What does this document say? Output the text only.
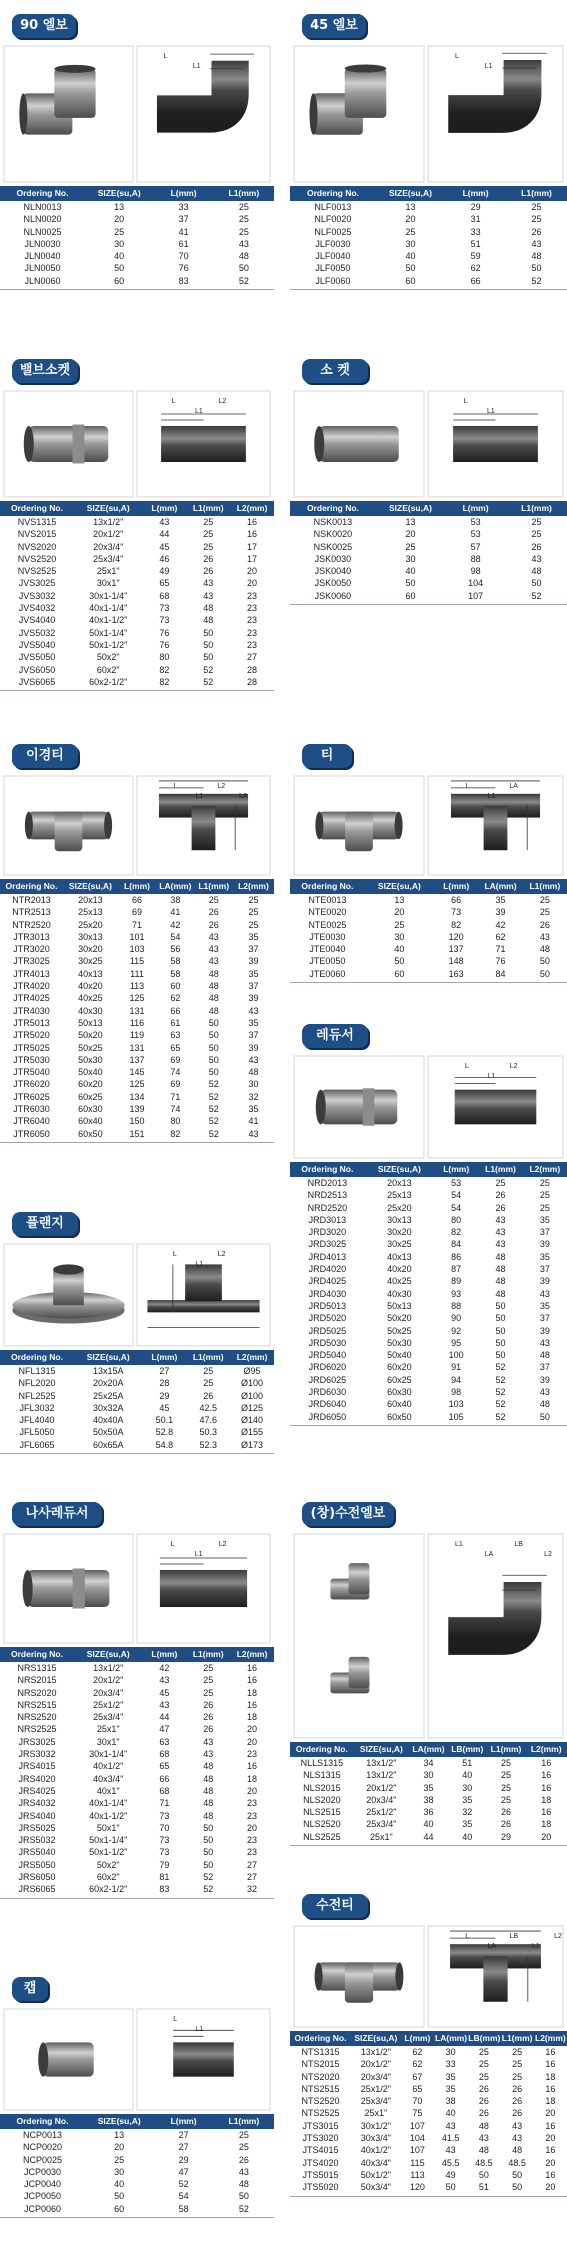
90 엘보
L
L1
Ordering No.	SIZE(su,A)	L(mm)	L1(mm)
NLN0013	13	33	25
NLN0020	20	37	25
NLN0025	25	41	25
JLN0030	30	61	43
JLN0040	40	70	48
JLN0050	50	76	50
JLN0060	60	83	52
45 엘보
L
L1
Ordering No.	SIZE(su,A)	L(mm)	L1(mm)
NLF0013	13	29	25
NLF0020	20	31	25
NLF0025	25	33	26
JLF0030	30	51	43
JLF0040	40	59	48
JLF0050	50	62	50
JLF0060	60	66	52
밸브소켓
L
L1
L2
Ordering No.	SIZE(su,A)	L(mm)	L1(mm)	L2(mm)
NVS1315	13x1/2"	43	25	16
NVS2015	20x1/2"	44	25	16
NVS2020	20x3/4"	45	25	17
NVS2520	25x3/4"	46	26	17
NVS2525	25x1"	49	26	20
JVS3025	30x1"	65	43	20
JVS3032	30x1-1/4"	68	43	23
JVS4032	40x1-1/4"	73	48	23
JVS4040	40x1-1/2"	73	48	23
JVS5032	50x1-1/4"	76	50	23
JVS5040	50x1-1/2"	76	50	23
JVS5050	50x2"	80	50	27
JVS6050	60x2"	82	52	28
JVS6065	60x2-1/2"	82	52	28
소 켓
L
L1
Ordering No.	SIZE(su,A)	L(mm)	L1(mm)
NSK0013	13	53	25
NSK0020	20	53	25
NSK0025	25	57	26
JSK0030	30	88	43
JSK0040	40	98	48
JSK0050	50	104	50
JSK0060	60	107	52
이경티
L
L1
L2
LA
Ordering No.	SIZE(su,A)	L(mm)	LA(mm)	L1(mm)	L2(mm)
NTR2013	20x13	66	38	25	25
NTR2513	25x13	69	41	26	25
NTR2520	25x20	71	42	26	25
JTR3013	30x13	101	54	43	35
JTR3020	30x20	103	56	43	37
JTR3025	30x25	115	58	43	39
JTR4013	40x13	111	58	48	35
JTR4020	40x20	113	60	48	37
JTR4025	40x25	125	62	48	39
JTR4030	40x30	131	66	48	43
JTR5013	50x13	116	61	50	35
JTR5020	50x20	119	63	50	37
JTR5025	50x25	131	65	50	39
JTR5030	50x30	137	69	50	43
JTR5040	50x40	145	74	50	48
JTR6020	60x20	125	69	52	30
JTR6025	60x25	134	71	52	32
JTR6030	60x30	139	74	52	35
JTR6040	60x40	150	80	52	41
JTR6050	60x50	151	82	52	43
티
L
L1
LA
Ordering No.	SIZE(su,A)	L(mm)	LA(mm)	L1(mm)
NTE0013	13	66	35	25
NTE0020	20	73	39	25
NTE0025	25	82	42	26
JTE0030	30	120	62	43
JTE0040	40	137	71	48
JTE0050	50	148	76	50
JTE0060	60	163	84	50
레듀서
L
L1
L2
Ordering No.	SIZE(su,A)	L(mm)	L1(mm)	L2(mm)
NRD2013	20x13	53	25	25
NRD2513	25x13	54	26	25
NRD2520	25x20	54	26	25
JRD3013	30x13	80	43	35
JRD3020	30x20	82	43	37
JRD3025	30x25	84	43	39
JRD4013	40x13	86	48	35
JRD4020	40x20	87	48	37
JRD4025	40x25	89	48	39
JRD4030	40x30	93	48	43
JRD5013	50x13	88	50	35
JRD5020	50x20	90	50	37
JRD5025	50x25	92	50	39
JRD5030	50x30	95	50	43
JRD5040	50x40	100	50	48
JRD6020	60x20	91	52	37
JRD6025	60x25	94	52	39
JRD6030	60x30	98	52	43
JRD6040	60x40	103	52	48
JRD6050	60x50	105	52	50
플랜지
L
L1
L2
Ordering No.	SIZE(su,A)	L(mm)	L1(mm)	L2(mm)
NFL1315	13x15A	27	25	Ø95
NFL2020	20x20A	28	25	Ø100
NFL2525	25x25A	29	26	Ø100
JFL3032	30x32A	45	42.5	Ø125
JFL4040	40x40A	50.1	47.6	Ø140
JFL5050	50x50A	52.8	50.3	Ø155
JFL6065	60x65A	54.8	52.3	Ø173
나사레듀서
L
L1
L2
Ordering No.	SIZE(su,A)	L(mm)	L1(mm)	L2(mm)
NRS1315	13x1/2"	42	25	16
NRS2015	20x1/2"	43	25	16
NRS2020	20x3/4"	45	25	18
NRS2515	25x1/2"	43	26	16
NRS2520	25x3/4"	44	26	18
NRS2525	25x1"	47	26	20
JRS3025	30x1"	63	43	20
JRS3032	30x1-1/4"	68	43	23
JRS4015	40x1/2"	65	48	16
JRS4020	40x3/4"	66	48	18
JRS4025	40x1"	68	48	20
JRS4032	40x1-1/4"	71	48	23
JRS4040	40x1-1/2"	73	48	23
JRS5025	50x1"	70	50	20
JRS5032	50x1-1/4"	73	50	23
JRS5040	50x1-1/2"	73	50	23
JRS5050	50x2"	79	50	27
JRS6050	60x2"	81	52	27
JRS6065	60x2-1/2"	83	52	32
(창)수전엘보
L1
LA
LB
L2
Ordering No.	SIZE(su,A)	LA(mm)	LB(mm)	L1(mm)	L2(mm)
NLLS1315	13x1/2"	34	51	25	16
NLS1315	13x1/2"	30	40	25	16
NLS2015	20x1/2"	35	30	25	16
NLS2020	20x3/4"	38	35	25	18
NLS2515	25x1/2"	36	32	26	16
NLS2520	25x3/4"	40	35	26	18
NLS2525	25x1"	44	40	29	20
캡
L
L1
Ordering No.	SIZE(su,A)	L(mm)	L1(mm)
NCP0013	13	27	25
NCP0020	20	27	25
NCP0025	25	29	26
JCP0030	30	47	43
JCP0040	40	52	48
JCP0050	50	54	50
JCP0060	60	58	52
수전티
L
LA
LB
L1
L2
Ordering No.	SIZE(su,A)	L(mm)	LA(mm)	LB(mm)	L1(mm)	L2(mm)
NTS1315	13x1/2"	62	30	25	25	16
NTS2015	20x1/2"	62	33	25	25	16
NTS2020	20x3/4"	67	35	25	25	18
NTS2515	25x1/2"	65	35	26	26	16
NTS2520	25x3/4"	70	38	26	26	18
NTS2525	25x1"	75	40	26	26	20
JTS3015	30x1/2"	107	43	48	43	16
JTS3020	30x3/4"	104	41.5	43	43	20
JTS4015	40x1/2"	107	43	48	48	16
JTS4020	40x3/4"	115	45.5	48.5	48.5	20
JTS5015	50x1/2"	113	49	50	50	16
JTS5020	50x3/4"	120	50	51	50	20
